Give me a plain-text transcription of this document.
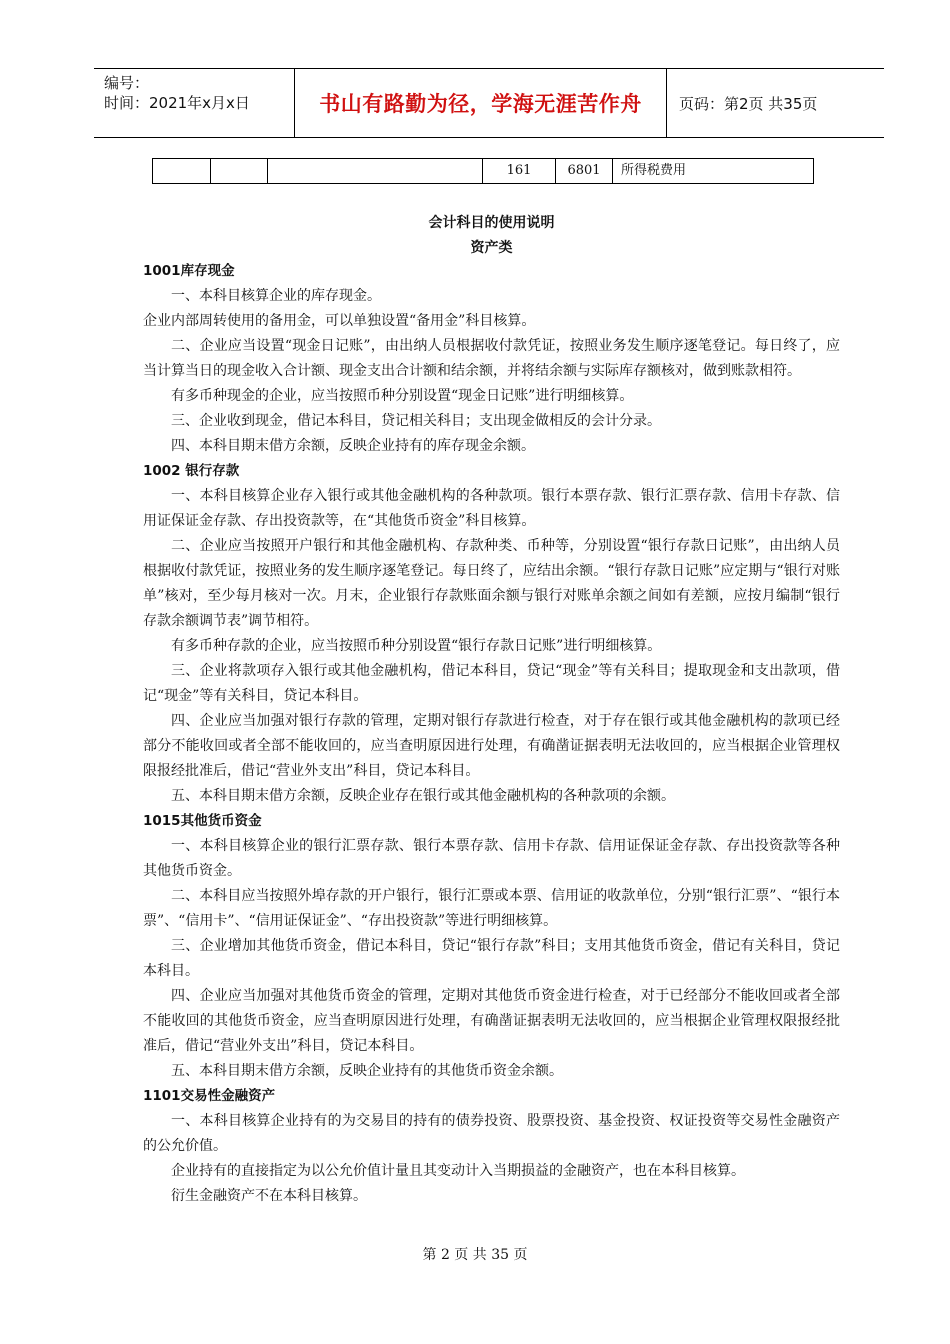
编号：
时间：2021年x月x日	书山有路勤为径，学海无涯苦作舟 页码：第2页 共35页
161	6801	所得税费用
会计科目的使用说明
资产类
1001库存现金

一、本科目核算企业的库存现金。

企业内部周转使用的备用金，可以单独设置“备用金”科目核算。

二、企业应当设置“现金日记账”，由出纳人员根据收付款凭证，按照业务发生顺序逐笔登记。每日终了，应当计算当日的现金收入合计额、现金支出合计额和结余额，并将结余额与实际库存额核对，做到账款相符。

有多币种现金的企业，应当按照币种分别设置“现金日记账”进行明细核算。

三、企业收到现金，借记本科目，贷记相关科目；支出现金做相反的会计分录。

四、本科目期末借方余额，反映企业持有的库存现金余额。

1002 银行存款

一、本科目核算企业存入银行或其他金融机构的各种款项。银行本票存款、银行汇票存款、信用卡存款、信用证保证金存款、存出投资款等，在“其他货币资金”科目核算。

二、企业应当按照开户银行和其他金融机构、存款种类、币种等，分别设置“银行存款日记账”，由出纳人员根据收付款凭证，按照业务的发生顺序逐笔登记。每日终了，应结出余额。“银行存款日记账”应定期与“银行对账单”核对，至少每月核对一次。月末，企业银行存款账面余额与银行对账单余额之间如有差额，应按月编制“银行存款余额调节表”调节相符。

有多币种存款的企业，应当按照币种分别设置“银行存款日记账”进行明细核算。

三、企业将款项存入银行或其他金融机构，借记本科目，贷记“现金”等有关科目；提取现金和支出款项，借记“现金”等有关科目，贷记本科目。

四、企业应当加强对银行存款的管理，定期对银行存款进行检查，对于存在银行或其他金融机构的款项已经部分不能收回或者全部不能收回的，应当查明原因进行处理，有确凿证据表明无法收回的，应当根据企业管理权限报经批准后，借记“营业外支出”科目，贷记本科目。

五、本科目期末借方余额，反映企业存在银行或其他金融机构的各种款项的余额。

1015其他货币资金

一、本科目核算企业的银行汇票存款、银行本票存款、信用卡存款、信用证保证金存款、存出投资款等各种其他货币资金。

二、本科目应当按照外埠存款的开户银行，银行汇票或本票、信用证的收款单位，分别“银行汇票”、“银行本票”、“信用卡”、“信用证保证金”、“存出投资款”等进行明细核算。

三、企业增加其他货币资金，借记本科目，贷记“银行存款”科目；支用其他货币资金，借记有关科目，贷记本科目。

四、企业应当加强对其他货币资金的管理，定期对其他货币资金进行检查，对于已经部分不能收回或者全部不能收回的其他货币资金，应当查明原因进行处理，有确凿证据表明无法收回的，应当根据企业管理权限报经批准后，借记“营业外支出”科目，贷记本科目。

五、本科目期末借方余额，反映企业持有的其他货币资金余额。

1101交易性金融资产

一、本科目核算企业持有的为交易目的持有的债券投资、股票投资、基金投资、权证投资等交易性金融资产的公允价值。

企业持有的直接指定为以公允价值计量且其变动计入当期损益的金融资产，也在本科目核算。

衍生金融资产不在本科目核算。

第 2 页 共 35 页
